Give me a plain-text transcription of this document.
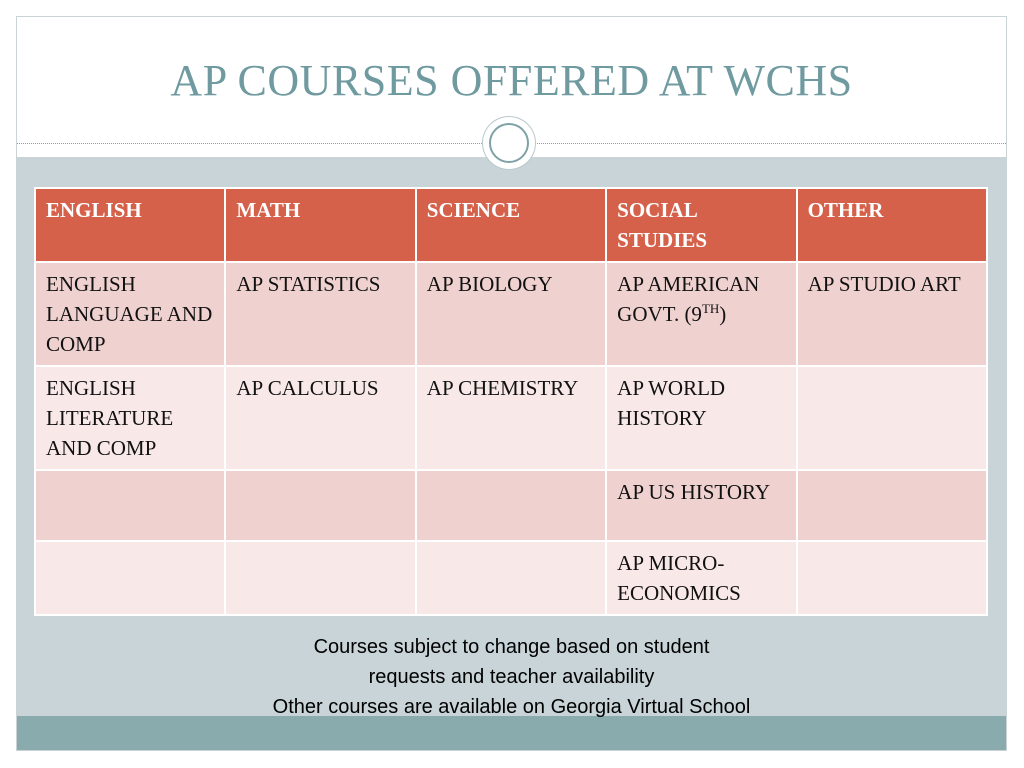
AP COURSES OFFERED AT WCHS
ENGLISH	MATH	SCIENCE	SOCIAL STUDIES	OTHER
ENGLISH LANGUAGE AND COMP	AP STATISTICS	AP BIOLOGY	AP AMERICAN GOVT. (9TH)	AP STUDIO ART
ENGLISH LITERATURE AND COMP	AP CALCULUS	AP CHEMISTRY	AP WORLD HISTORY	
			AP US HISTORY	
			AP MICRO-ECONOMICS	

Courses subject to change based on student

requests and teacher availability

Other courses are available on Georgia Virtual School
